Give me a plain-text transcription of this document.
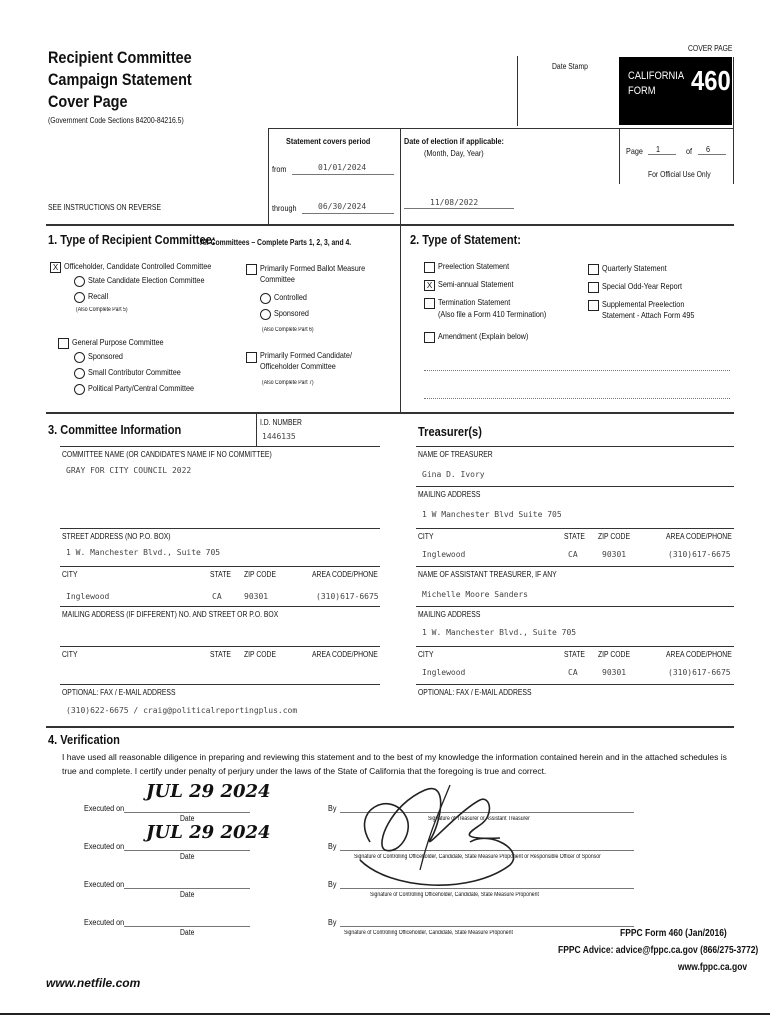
Recipient Committee
Campaign Statement
Cover Page
(Government Code Sections 84200-84216.5)
COVER PAGE
Date Stamp
CALIFORNIA
FORM	460
Statement covers period
from	01/01/2024
through	06/30/2024
Date of election if applicable:
(Month, Day, Year)
11/08/2022
Page 1	of 6
For Official Use Only
SEE INSTRUCTIONS ON REVERSE
1. Type of Recipient Committee:
All Committees – Complete Parts 1, 2, 3, and 4.
X Officeholder, Candidate Controlled Committee
State Candidate Election Committee
Recall
(Also Complete Part 5)
General Purpose Committee
Sponsored
Small Contributor Committee
Political Party/Central Committee
Primarily Formed Ballot Measure Committee
Controlled
Sponsored
(Also Complete Part 6)
Primarily Formed Candidate/ Officeholder Committee
(Also Complete Part 7)
2. Type of Statement:
Preelection Statement
X Semi-annual Statement
Termination Statement
(Also file a Form 410 Termination)
Amendment (Explain below)
Quarterly Statement
Special Odd-Year Report
Supplemental Preelection
Statement - Attach Form 495
3. Committee Information	I.D. NUMBER
1446135
COMMITTEE NAME (OR CANDIDATE'S NAME IF NO COMMITTEE)
GRAY FOR CITY COUNCIL 2022
STREET ADDRESS (NO P.O. BOX)
1 W. Manchester Blvd., Suite 705
CITY	STATE ZIP CODE	AREA CODE/PHONE
Inglewood	CA	90301	(310)617-6675
MAILING ADDRESS (IF DIFFERENT) NO. AND STREET OR P.O. BOX
CITY	STATE ZIP CODE	AREA CODE/PHONE
OPTIONAL: FAX / E-MAIL ADDRESS
(310)622-6675 / craig@politicalreportingplus.com
Treasurer(s)
NAME OF TREASURER
Gina D. Ivory
MAILING ADDRESS
1 W Manchester Blvd Suite 705
CITY	STATE ZIP CODE	AREA CODE/PHONE
Inglewood	CA	90301	(310)617-6675
NAME OF ASSISTANT TREASURER, IF ANY
Michelle Moore Sanders
MAILING ADDRESS
1 W. Manchester Blvd., Suite 705
CITY	STATE ZIP CODE	AREA CODE/PHONE
Inglewood	CA	90301	(310)617-6675
OPTIONAL: FAX / E-MAIL ADDRESS
4. Verification
I have used all reasonable diligence in preparing and reviewing this statement and to the best of my knowledge the information contained herein and in the attached schedules is true and complete. I certify under penalty of perjury under the laws of the State of California that the foregoing is true and correct.
Executed on
JUL 29 2024
Date
By
Signature of Treasurer or Assistant Treasurer
Executed on
JUL 29 2024
Date
By
Signature of Controlling Officeholder, Candidate, State Measure Proponent or Responsible Officer of Sponsor
Executed on
Date
By
Signature of Controlling Officeholder, Candidate, State Measure Proponent
Executed on
Date
By
Signature of Controlling Officeholder, Candidate, State Measure Proponent	FPPC Form 460 (Jan/2016)
FPPC Advice: advice@fppc.ca.gov (866/275-3772)
www.fppc.ca.gov
www.netfile.com
